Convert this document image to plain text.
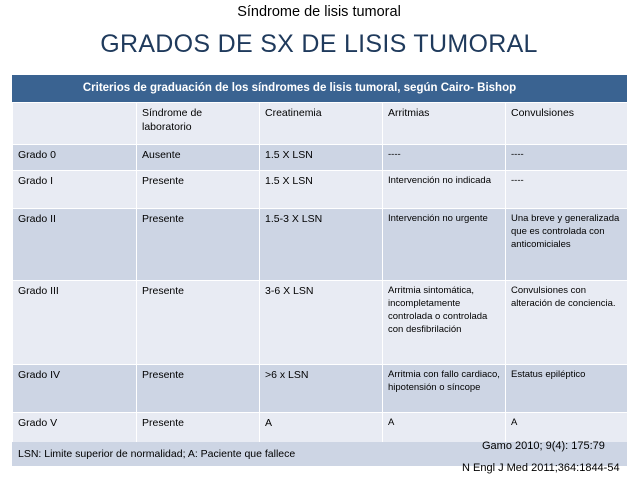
Síndrome de lisis tumoral
GRADOS DE SX DE LISIS TUMORAL
Criterios de graduación de los síndromes de lisis tumoral, según Cairo- Bishop
	Síndrome de laboratorio	Creatinemia	Arritmias	Convulsiones
Grado 0	Ausente	1.5 X LSN	----	----
Grado I	Presente	1.5 X LSN	Intervención no indicada	----
Grado II	Presente	1.5-3 X LSN	Intervención no urgente	Una breve y generalizada que es controlada con anticomiciales
Grado III	Presente	3-6 X LSN	Arritmia sintomática, incompletamente controlada o controlada con desfibrilación	Convulsiones con alteración de conciencia.
Grado IV	Presente	>6 x LSN	Arritmia con fallo cardiaco, hipotensión o síncope	Estatus epiléptico
Grado V	Presente	A	A	A
LSN: Limite superior de normalidad; A: Paciente que fallece
Gamo 2010; 9(4): 175:79
N Engl J Med 2011;364:1844-54
